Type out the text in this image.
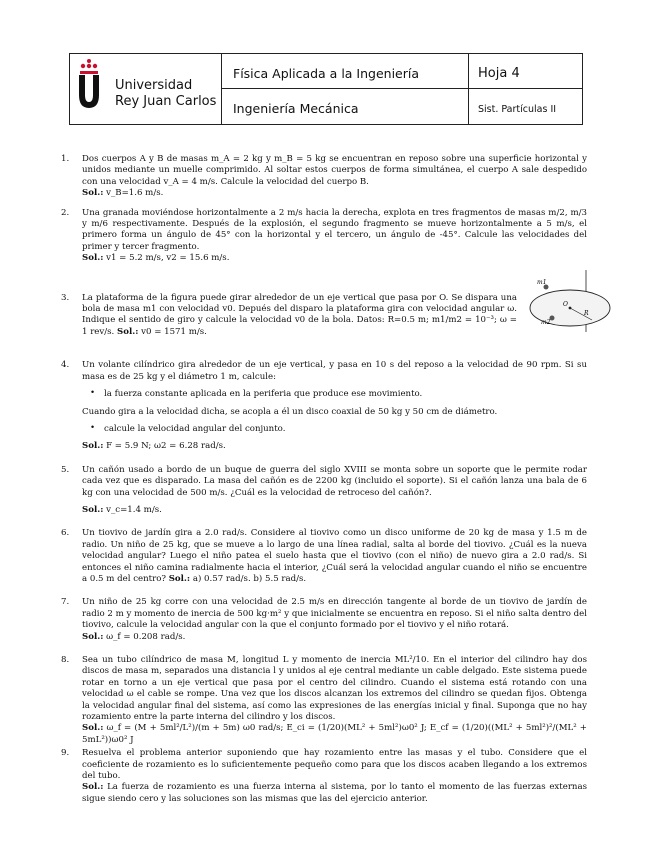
Universidad
Rey Juan Carlos
Física Aplicada a la Ingeniería
Ingeniería Mecánica
Hoja 4
Sist. Partículas II
1. Dos cuerpos A y B de masas m_A = 2 kg y m_B = 5 kg se encuentran en reposo sobre una superficie horizontal y unidos mediante un muelle comprimido. Al soltar estos cuerpos de forma simultánea, el cuerpo A sale despedido con una velocidad v_A = 4 m/s. Calcule la velocidad del cuerpo B.

Sol.: v_B=1.6 m/s.

2. Una granada moviéndose horizontalmente a 2 m/s hacia la derecha, explota en tres fragmentos de masas m/2, m/3 y m/6 respectivamente. Después de la explosión, el segundo fragmento se mueve horizontalmente a 5 m/s, el primero forma un ángulo de 45° con la horizontal y el tercero, un ángulo de -45°. Calcule las velocidades del primer y tercer fragmento.

Sol.: v1 = 5.2 m/s, v2 = 15.6 m/s.

3. La plataforma de la figura puede girar alrededor de un eje vertical que pasa por O. Se dispara una bola de masa m1 con velocidad v0. Depués del disparo la plataforma gira con velocidad angular ω. Indique el sentido de giro y calcule la velocidad v0 de la bola. Datos: R=0.5 m; m1/m2 = 10⁻³; ω = 1 rev/s. Sol.: v0 = 1571 m/s.

4. Un volante cilíndrico gira alrededor de un eje vertical, y pasa en 10 s del reposo a la velocidad de 90 rpm. Si su masa es de 25 kg y el diámetro 1 m, calcule:

• la fuerza constante aplicada en la periferia que produce ese movimiento.

Cuando gira a la velocidad dicha, se acopla a él un disco coaxial de 50 kg y 50 cm de diámetro.

• calcule la velocidad angular del conjunto.

Sol.: F = 5.9 N; ω2 = 6.28 rad/s.

5. Un cañón usado a bordo de un buque de guerra del siglo XVIII se monta sobre un soporte que le permite rodar cada vez que es disparado. La masa del cañón es de 2200 kg (incluido el soporte). Si el cañón lanza una bala de 6 kg con una velocidad de 500 m/s. ¿Cuál es la velocidad de retroceso del cañón?.

Sol.: v_c=1.4 m/s.

6. Un tiovivo de jardín gira a 2.0 rad/s. Considere al tiovivo como un disco uniforme de 20 kg de masa y 1.5 m de radio. Un niño de 25 kg, que se mueve a lo largo de una línea radial, salta al borde del tiovivo. ¿Cuál es la nueva velocidad angular? Luego el niño patea el suelo hasta que el tiovivo (con el niño) de nuevo gira a 2.0 rad/s. Si entonces el niño camina radialmente hacia el interior, ¿Cuál será la velocidad angular cuando el niño se encuentre a 0.5 m del centro? Sol.: a) 0.57 rad/s. b) 5.5 rad/s.

7. Un niño de 25 kg corre con una velocidad de 2.5 m/s en dirección tangente al borde de un tiovivo de jardín de radio 2 m y momento de inercia de 500 kg·m² y que inicialmente se encuentra en reposo. Si el niño salta dentro del tiovivo, calcule la velocidad angular con la que el conjunto formado por el tiovivo y el niño rotará.

Sol.: ω_f = 0.208 rad/s.

8. Sea un tubo cilíndrico de masa M, longitud L y momento de inercia ML²/10. En el interior del cilindro hay dos discos de masa m, separados una distancia l y unidos al eje central mediante un cable delgado. Este sistema puede rotar en torno a un eje vertical que pasa por el centro del cilindro. Cuando el sistema está rotando con una velocidad ω el cable se rompe. Una vez que los discos alcanzan los extremos del cilindro se quedan fijos. Obtenga la velocidad angular final del sistema, así como las expresiones de las energías inicial y final. Suponga que no hay rozamiento entre la parte interna del cilindro y los discos.

Sol.: ω_f = (M + 5ml²/L²)/(m + 5m) ω0 rad/s; E_ci = (1/20)(ML² + 5ml²)ω0² J; E_cf = (1/20)((ML² + 5ml²)²/(ML² + 5mL²))ω0² J

9. Resuelva el problema anterior suponiendo que hay rozamiento entre las masas y el tubo. Considere que el coeficiente de rozamiento es lo suficientemente pequeño como para que los discos acaben llegando a los extremos del tubo.

Sol.: La fuerza de rozamiento es una fuerza interna al sistema, por lo tanto el momento de las fuerzas externas sigue siendo cero y las soluciones son las mismas que las del ejercicio anterior.

m1
O
R
m2
